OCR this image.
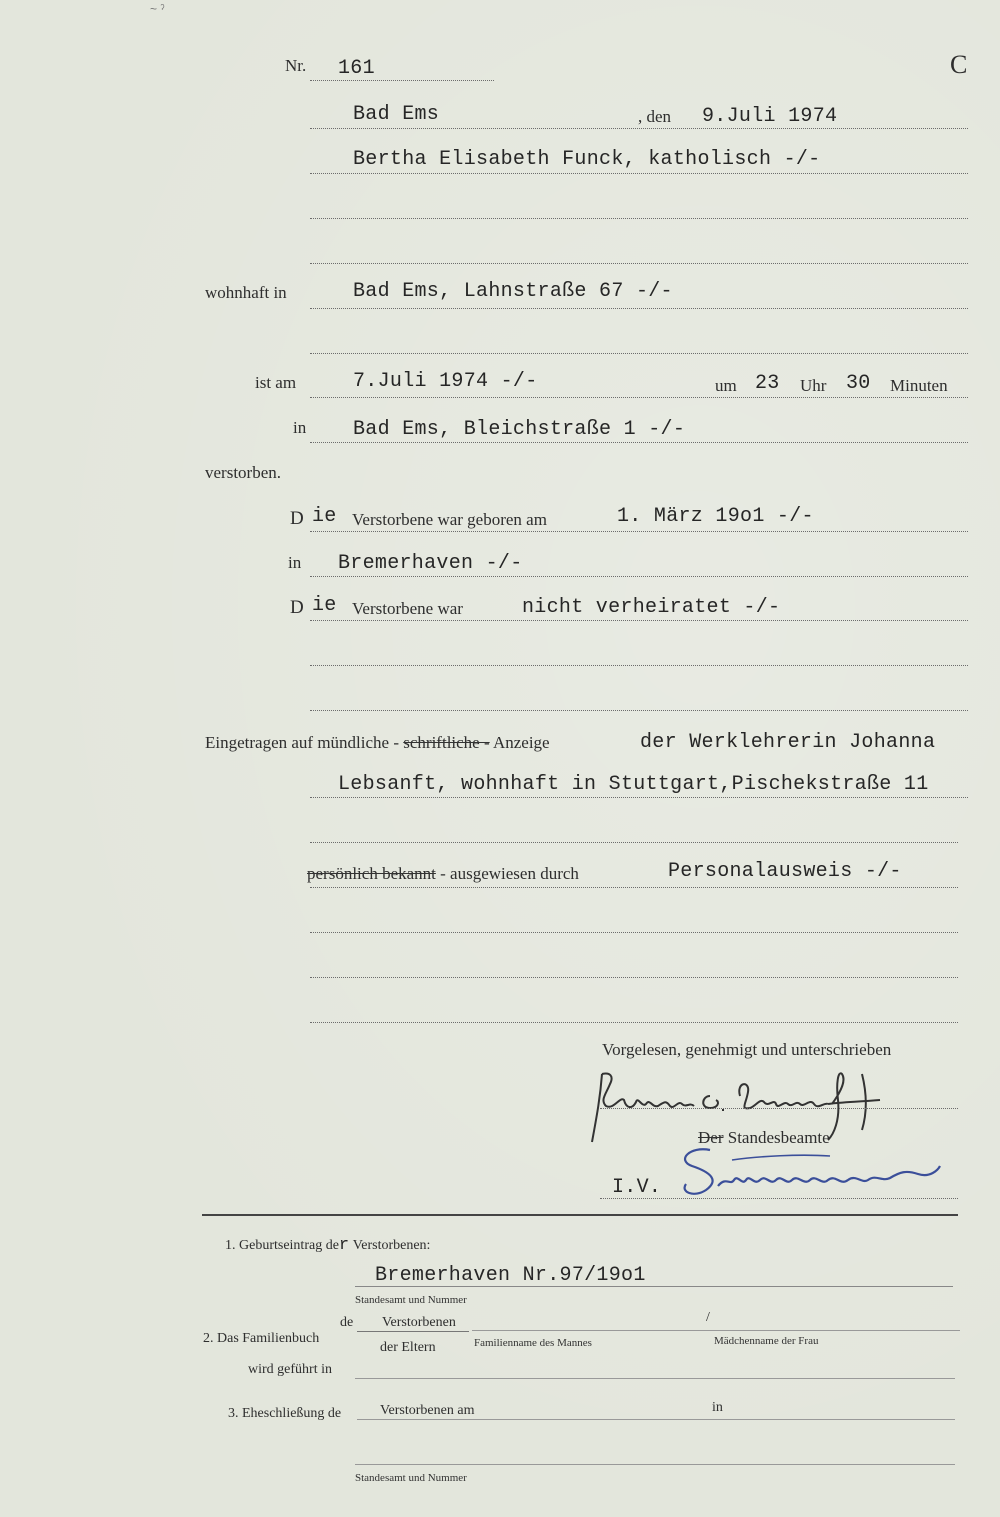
~ ˀ
Nr. 161	C
Bad Ems	, den 9.Juli 1974
Bertha Elisabeth Funck, katholisch -/-
wohnhaft in	Bad Ems, Lahnstraße 67 -/-
ist am	7.Juli 1974 -/-	um 23 Uhr 30 Minuten
in Bad Ems, Bleichstraße 1 -/-
verstorben.
D ie Verstorbene war geboren am	1. März 19o1 -/-
in Bremerhaven -/-
D ie Verstorbene war	nicht verheiratet -/-
Eingetragen auf mündliche - schriftliche - Anzeige	der Werklehrerin Johanna
Lebsanft, wohnhaft in Stuttgart,Pischekstraße 11
persönlich bekannt - ausgewiesen durch	Personalausweis -/-
Vorgelesen, genehmigt und unterschrieben
Der Standesbeamte
I.V.
1. Geburtseintrag der Verstorbenen:
Bremerhaven Nr.97/19o1
Standesamt und Nummer
2. Das Familienbuch
de Verstorbenen	/
der Eltern	Familienname des Mannes	Mädchenname der Frau
wird geführt in
3. Eheschließung de	Verstorbenen am	in
Standesamt und Nummer
